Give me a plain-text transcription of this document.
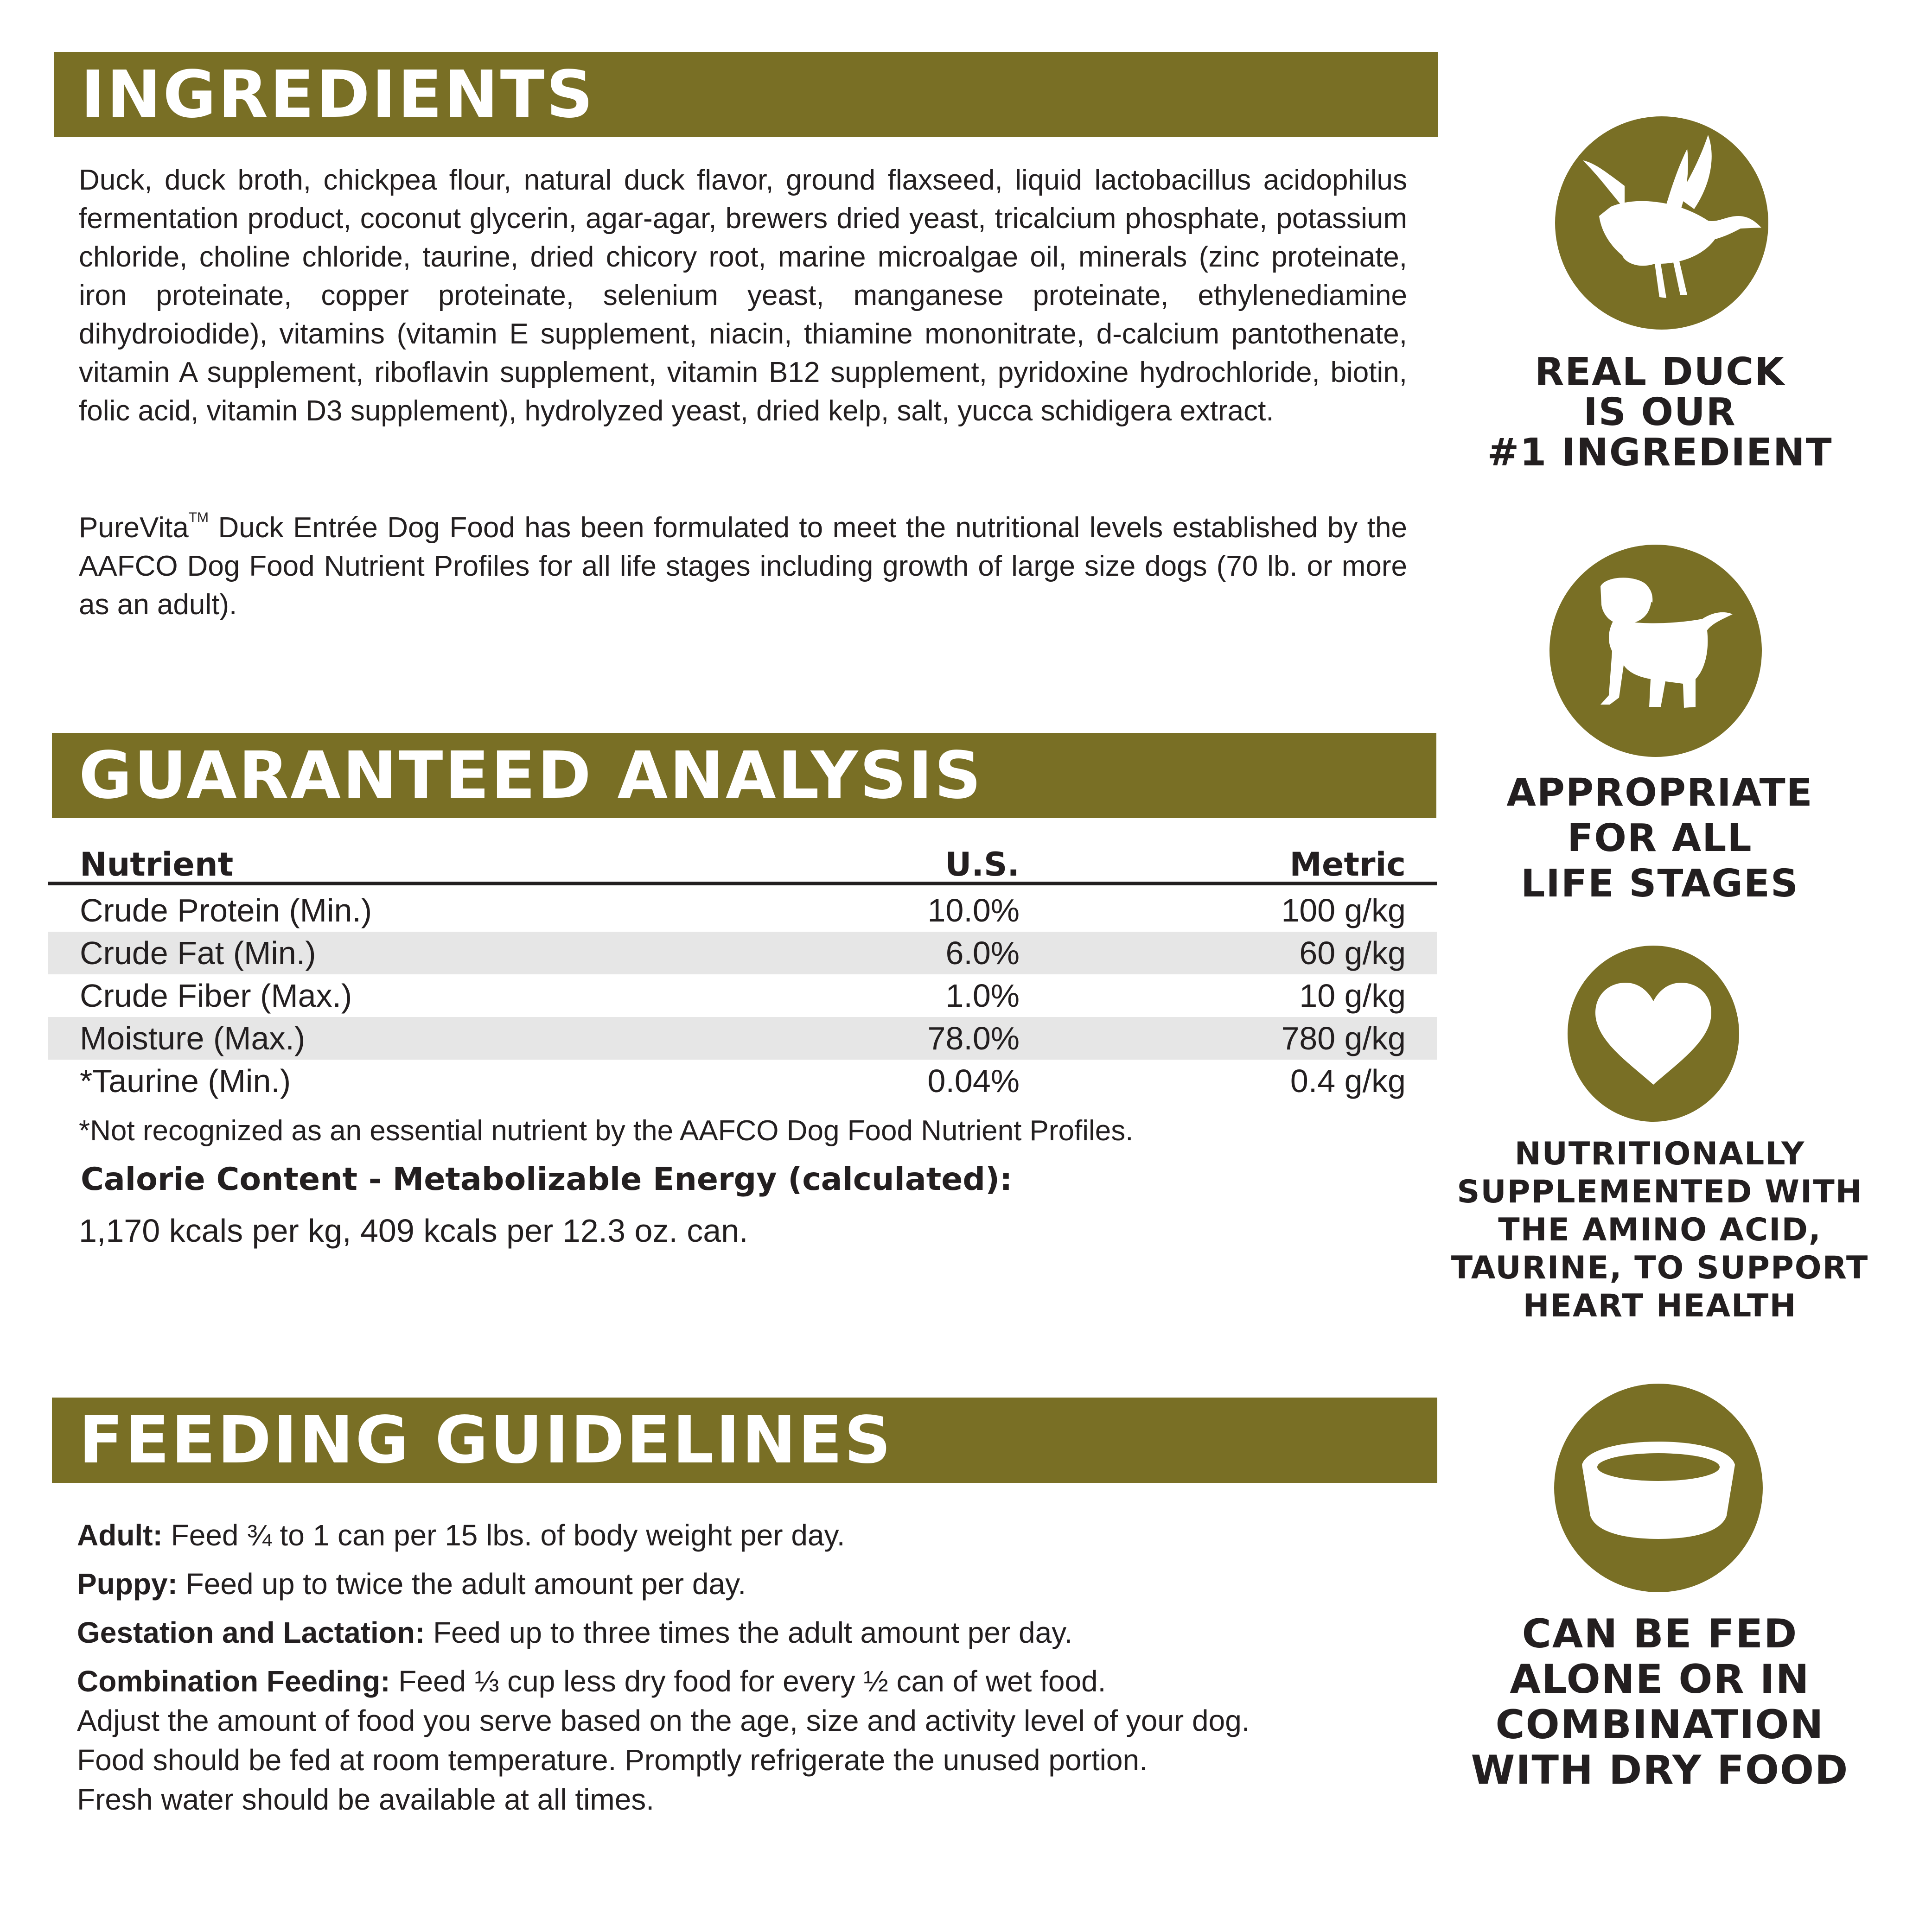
INGREDIENTS

Duck, duck broth, chickpea flour, natural duck flavor, ground flaxseed, liquid lactobacillus acidophilus fermentation product, coconut glycerin, agar-agar, brewers dried yeast, tricalcium phosphate, potassium chloride, choline chloride, taurine, dried chicory root, marine microalgae oil, minerals (zinc proteinate, iron proteinate, copper proteinate, selenium yeast, manganese proteinate, ethylenediamine dihydroiodide), vitamins (vitamin E supplement, niacin, thiamine mononitrate, d-calcium pantothenate, vitamin A supplement, riboflavin supplement, vitamin B12 supplement, pyridoxine hydrochloride, biotin, folic acid, vitamin D3 supplement), hydrolyzed yeast, dried kelp, salt, yucca schidigera extract.

PureVita™ Duck Entrée Dog Food has been formulated to meet the nutritional levels established by the AAFCO Dog Food Nutrient Profiles for all life stages including growth of large size dogs (70 lb. or more as an adult).

GUARANTEED ANALYSIS
Nutrient	U.S.	Metric
Crude Protein (Min.)	10.0%	100 g/kg
Crude Fat (Min.)	6.0%	60 g/kg
Crude Fiber (Max.)	1.0%	10 g/kg
Moisture (Max.)	78.0%	780 g/kg
*Taurine (Min.)	0.04%	0.4 g/kg
*Not recognized as an essential nutrient by the AAFCO Dog Food Nutrient Profiles.
Calorie Content - Metabolizable Energy (calculated):
1,170 kcals per kg, 409 kcals per 12.3 oz. can.
FEEDING GUIDELINES
Adult: Feed ¾ to 1 can per 15 lbs. of body weight per day.
Puppy: Feed up to twice the adult amount per day.
Gestation and Lactation: Feed up to three times the adult amount per day.
Combination Feeding: Feed ⅓ cup less dry food for every ½ can of wet food.
Adjust the amount of food you serve based on the age, size and activity level of your dog.
Food should be fed at room temperature. Promptly refrigerate the unused portion.
Fresh water should be available at all times.
REAL DUCK
IS OUR
#1 INGREDIENT
APPROPRIATE
FOR ALL
LIFE STAGES
NUTRITIONALLY
SUPPLEMENTED WITH
THE AMINO ACID,
TAURINE, TO SUPPORT
HEART HEALTH
CAN BE FED
ALONE OR IN
COMBINATION
WITH DRY FOOD
